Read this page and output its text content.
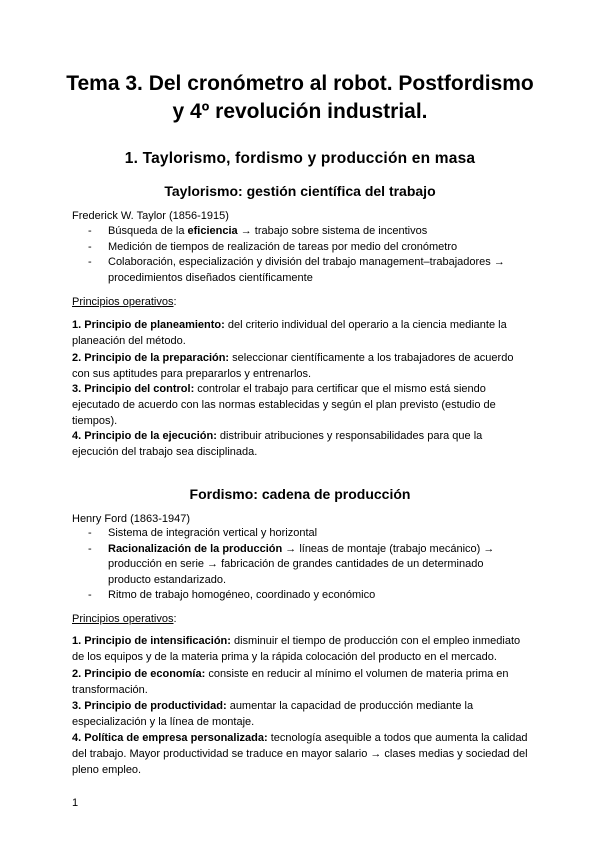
Tema 3. Del cronómetro al robot. Postfordismo
y 4º revolución industrial.
1. Taylorismo, fordismo y producción en masa
Taylorismo: gestión científica del trabajo
Frederick W. Taylor (1856-1915)
- Búsqueda de la eficiencia → trabajo sobre sistema de incentivos
- Medición de tiempos de realización de tareas por medio del cronómetro
- Colaboración, especialización y división del trabajo management–trabajadores → procedimientos diseñados científicamente
Principios operativos:
1. Principio de planeamiento: del criterio individual del operario a la ciencia mediante la planeación del método.
2. Principio de la preparación: seleccionar científicamente a los trabajadores de acuerdo con sus aptitudes para prepararlos y entrenarlos.
3. Principio del control: controlar el trabajo para certificar que el mismo está siendo ejecutado de acuerdo con las normas establecidas y según el plan previsto (estudio de tiempos).
4. Principio de la ejecución: distribuir atribuciones y responsabilidades para que la ejecución del trabajo sea disciplinada.
Fordismo: cadena de producción
Henry Ford (1863-1947)
- Sistema de integración vertical y horizontal
- Racionalización de la producción → líneas de montaje (trabajo mecánico) → producción en serie → fabricación de grandes cantidades de un determinado producto estandarizado.
- Ritmo de trabajo homogéneo, coordinado y económico
Principios operativos:
1. Principio de intensificación: disminuir el tiempo de producción con el empleo inmediato de los equipos y de la materia prima y la rápida colocación del producto en el mercado.
2. Principio de economía: consiste en reducir al mínimo el volumen de materia prima en transformación.
3. Principio de productividad: aumentar la capacidad de producción mediante la especialización y la línea de montaje.
4. Política de empresa personalizada: tecnología asequible a todos que aumenta la calidad del trabajo. Mayor productividad se traduce en mayor salario → clases medias y sociedad del pleno empleo.
1
